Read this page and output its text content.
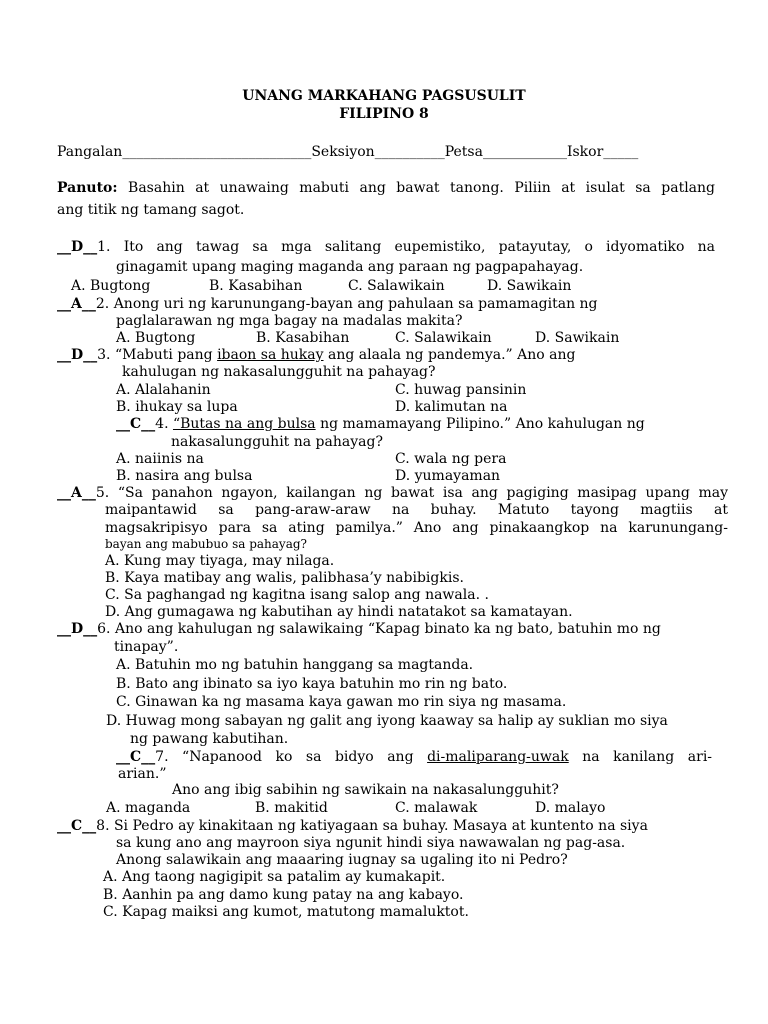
UNANG MARKAHANG PAGSUSULIT
FILIPINO 8
Pangalan___________________________Seksiyon__________Petsa____________Iskor_____
Panuto: Basahin at unawaing mabuti ang bawat tanong. Piliin at isulat sa patlang
ang titik ng tamang sagot.
__D__1. Ito ang tawag sa mga salitang eupemistiko, patayutay, o idyomatiko na
ginagamit upang maging maganda ang paraan ng pagpapahayag.
A. Bugtong	B. Kasabihan	C. Salawikain	D. Sawikain
__A__2. Anong uri ng karunungang-bayan ang pahulaan sa pamamagitan ng
paglalarawan ng mga bagay na madalas makita?
A. Bugtong	B. Kasabihan	C. Salawikain	D. Sawikain
__D__3. “Mabuti pang ibaon sa hukay ang alaala ng pandemya.” Ano ang
kahulugan ng nakasalungguhit na pahayag?
A. Alalahanin	C. huwag pansinin
B. ihukay sa lupa	D. kalimutan na
__C__4. “Butas na ang bulsa ng mamamayang Pilipino.” Ano kahulugan ng
nakasalungguhit na pahayag?
A. naiinis na	C. wala ng pera
B. nasira ang bulsa	D. yumayaman
__A__5. “Sa panahon ngayon, kailangan ng bawat isa ang pagiging masipag upang may
maipantawid sa pang-araw-araw na buhay. Matuto tayong magtiis at
magsakripisyo para sa ating pamilya.” Ano ang pinakaangkop na karunungang-
bayan ang mabubuo sa pahayag?
A. Kung may tiyaga, may nilaga.
B. Kaya matibay ang walis, palibhasa’y nabibigkis.
C. Sa paghangad ng kagitna isang salop ang nawala. .
D. Ang gumagawa ng kabutihan ay hindi natatakot sa kamatayan.
__D__6. Ano ang kahulugan ng salawikaing “Kapag binato ka ng bato, batuhin mo ng
tinapay”.
A. Batuhin mo ng batuhin hanggang sa magtanda.
B. Bato ang ibinato sa iyo kaya batuhin mo rin ng bato.
C. Ginawan ka ng masama kaya gawan mo rin siya ng masama.
D. Huwag mong sabayan ng galit ang iyong kaaway sa halip ay suklian mo siya
ng pawang kabutihan.
__C__7. “Napanood ko sa bidyo ang di-maliparang-uwak na kanilang ari-
arian.”
Ano ang ibig sabihin ng sawikain na nakasalungguhit?
A. maganda	B. makitid	C. malawak	D. malayo
__C__8. Si Pedro ay kinakitaan ng katiyagaan sa buhay. Masaya at kuntento na siya
sa kung ano ang mayroon siya ngunit hindi siya nawawalan ng pag-asa.
Anong salawikain ang maaaring iugnay sa ugaling ito ni Pedro?
A. Ang taong nagigipit sa patalim ay kumakapit.
B. Aanhin pa ang damo kung patay na ang kabayo.
C. Kapag maiksi ang kumot, matutong mamaluktot.
